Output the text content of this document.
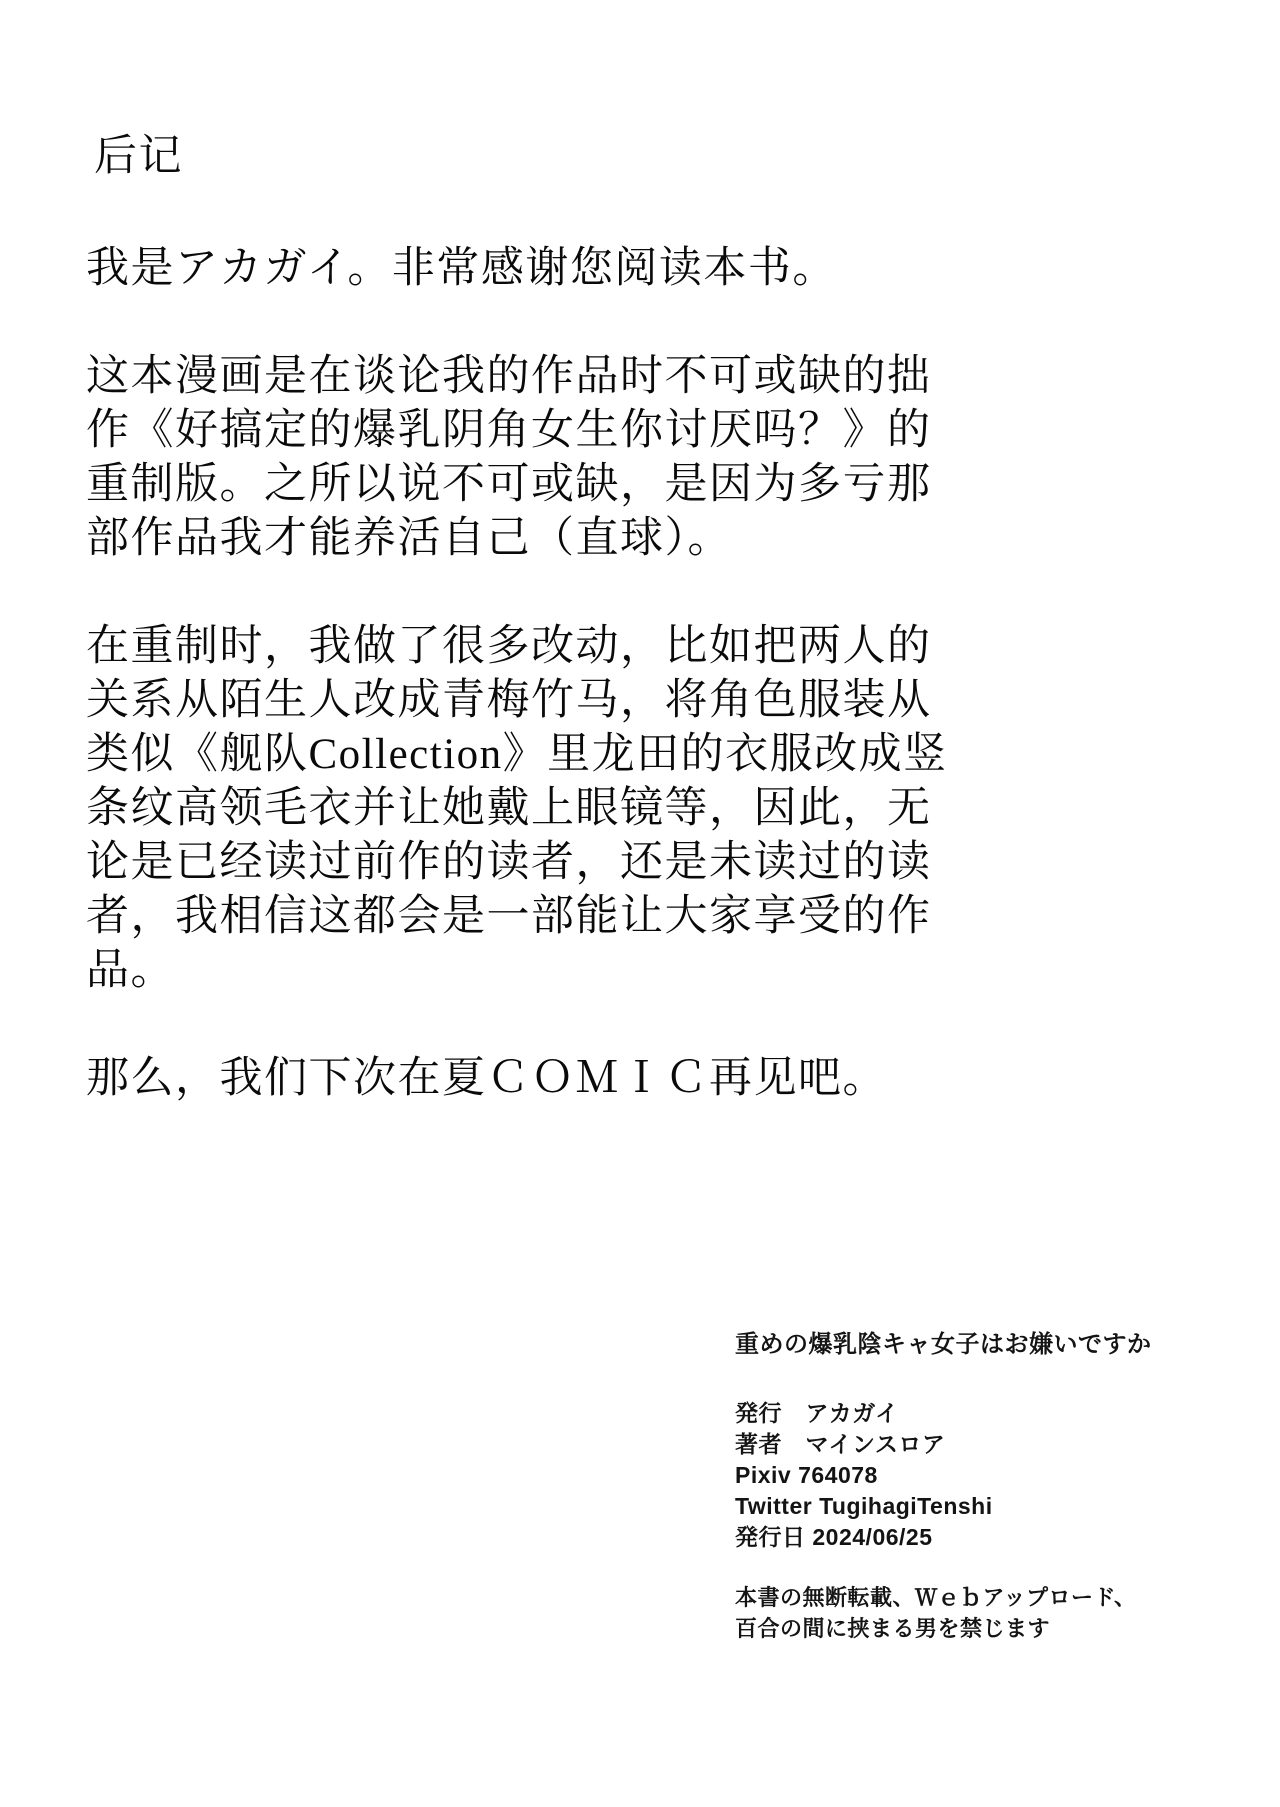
后记
我是アカガイ。非常感谢您阅读本书。
这本漫画是在谈论我的作品时不可或缺的拙
作《好搞定的爆乳阴角女生你讨厌吗？》的
重制版。之所以说不可或缺，是因为多亏那
部作品我才能养活自己（直球）。
在重制时，我做了很多改动，比如把两人的
关系从陌生人改成青梅竹马，将角色服装从
类似《舰队Collection》里龙田的衣服改成竖
条纹高领毛衣并让她戴上眼镜等，因此，无
论是已经读过前作的读者，还是未读过的读
者，我相信这都会是一部能让大家享受的作
品。
那么，我们下次在夏ＣＯＭＩＣ再见吧。
重めの爆乳陰キャ女子はお嫌いですか
発行　アカガイ
著者　マインスロア
Pixiv 764078
Twitter TugihagiTenshi
発行日 2024/06/25
本書の無断転載、Ｗｅｂアップロード、
百合の間に挟まる男を禁じます
